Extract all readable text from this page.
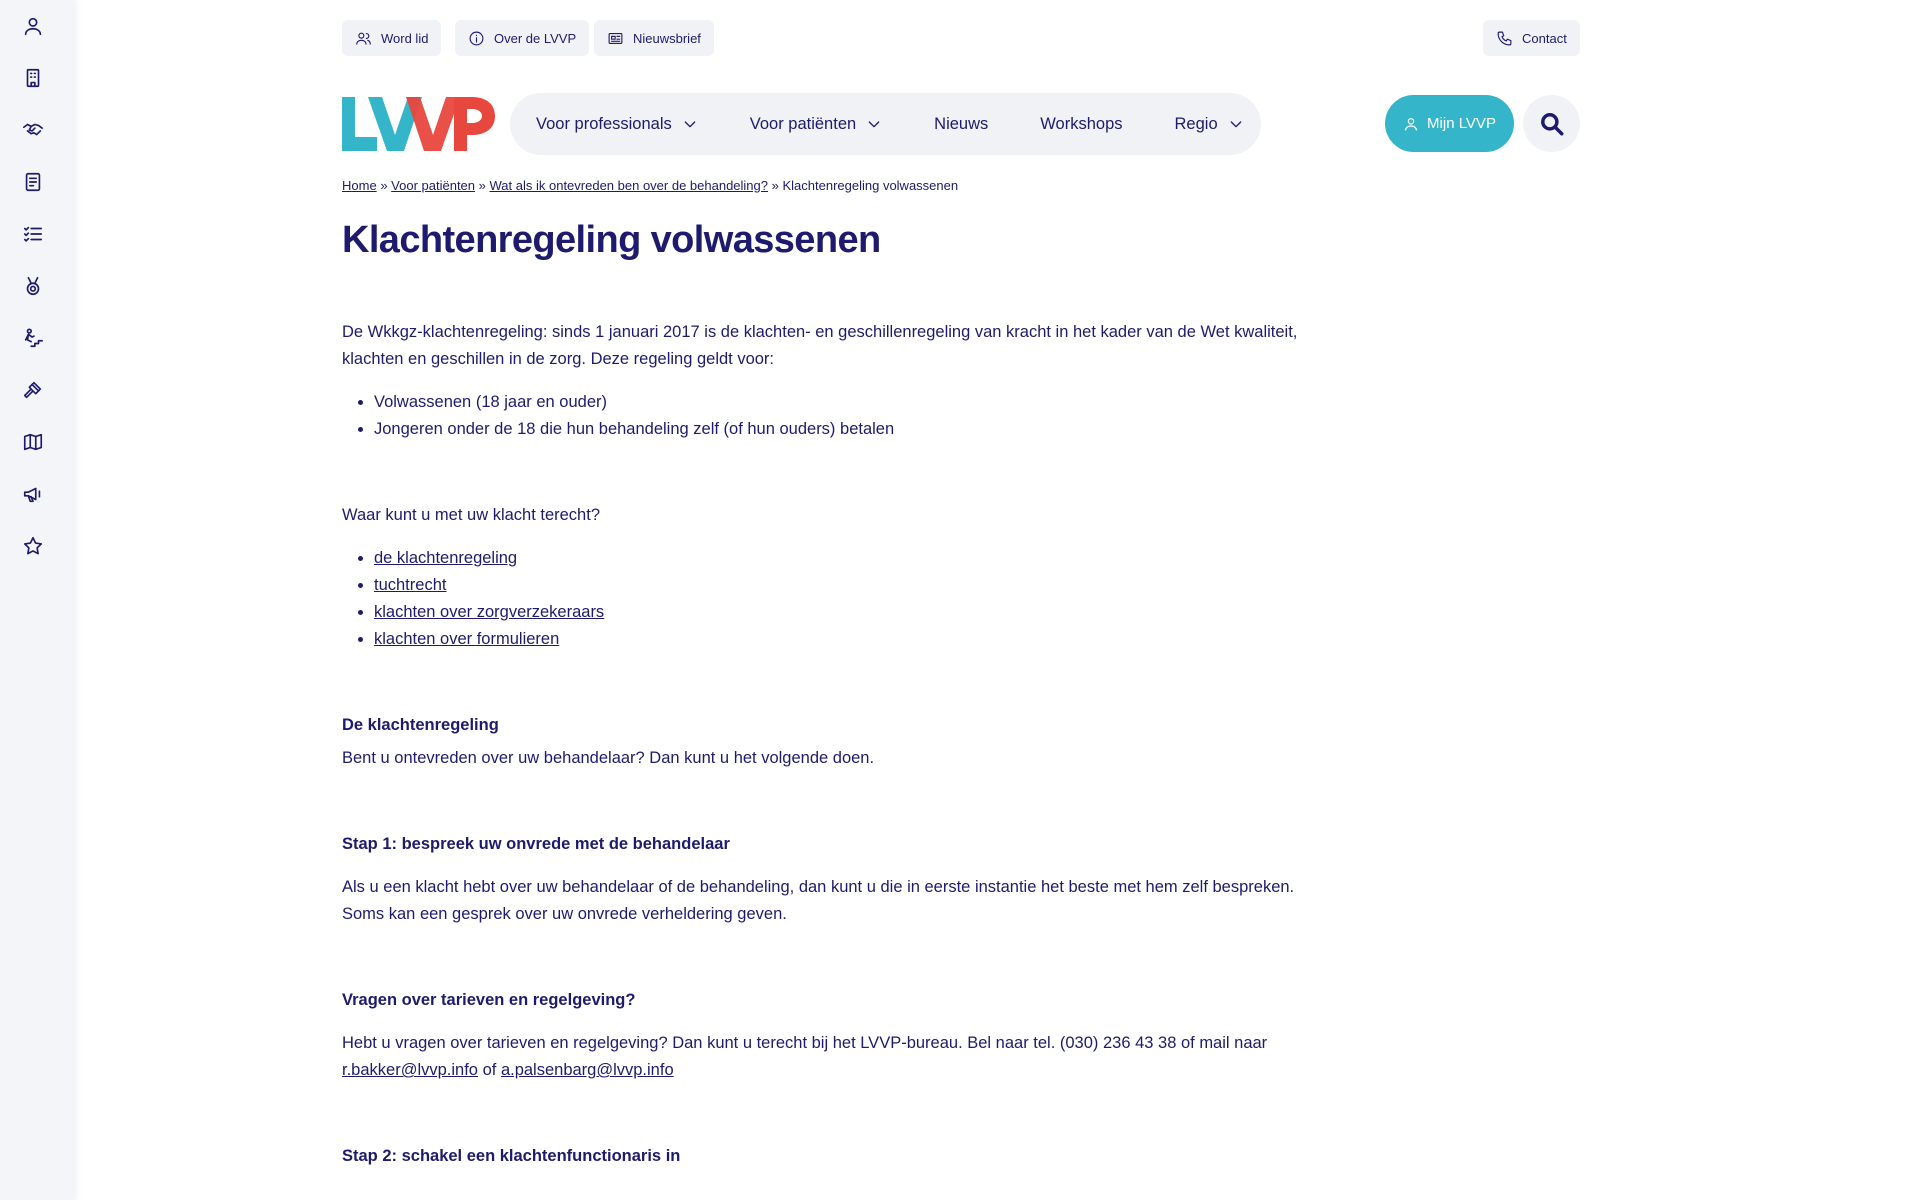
Word lid	Over de LVVP	Nieuwsbrief	Contact
Voor professionals	Voor patiënten	Nieuws	Workshops	Regio	Mijn LVVP
Home » Voor patiënten » Wat als ik ontevreden ben over de behandeling? » Klachtenregeling volwassenen
Klachtenregeling volwassenen
De Wkkgz-klachtenregeling: sinds 1 januari 2017 is de klachten- en geschillenregeling van kracht in het kader van de Wet kwaliteit,
klachten en geschillen in de zorg. Deze regeling geldt voor:
• Volwassenen (18 jaar en ouder)
• Jongeren onder de 18 die hun behandeling zelf (of hun ouders) betalen
Waar kunt u met uw klacht terecht?
• de klachtenregeling
• tuchtrecht
• klachten over zorgverzekeraars
• klachten over formulieren
De klachtenregeling
Bent u ontevreden over uw behandelaar? Dan kunt u het volgende doen.
Stap 1: bespreek uw onvrede met de behandelaar
Als u een klacht hebt over uw behandelaar of de behandeling, dan kunt u die in eerste instantie het beste met hem zelf bespreken.
Soms kan een gesprek over uw onvrede verheldering geven.
Vragen over tarieven en regelgeving?
Hebt u vragen over tarieven en regelgeving? Dan kunt u terecht bij het LVVP-bureau. Bel naar tel. (030) 236 43 38 of mail naar
r.bakker@lvvp.info of a.palsenbarg@lvvp.info
Stap 2: schakel een klachtenfunctionaris in
